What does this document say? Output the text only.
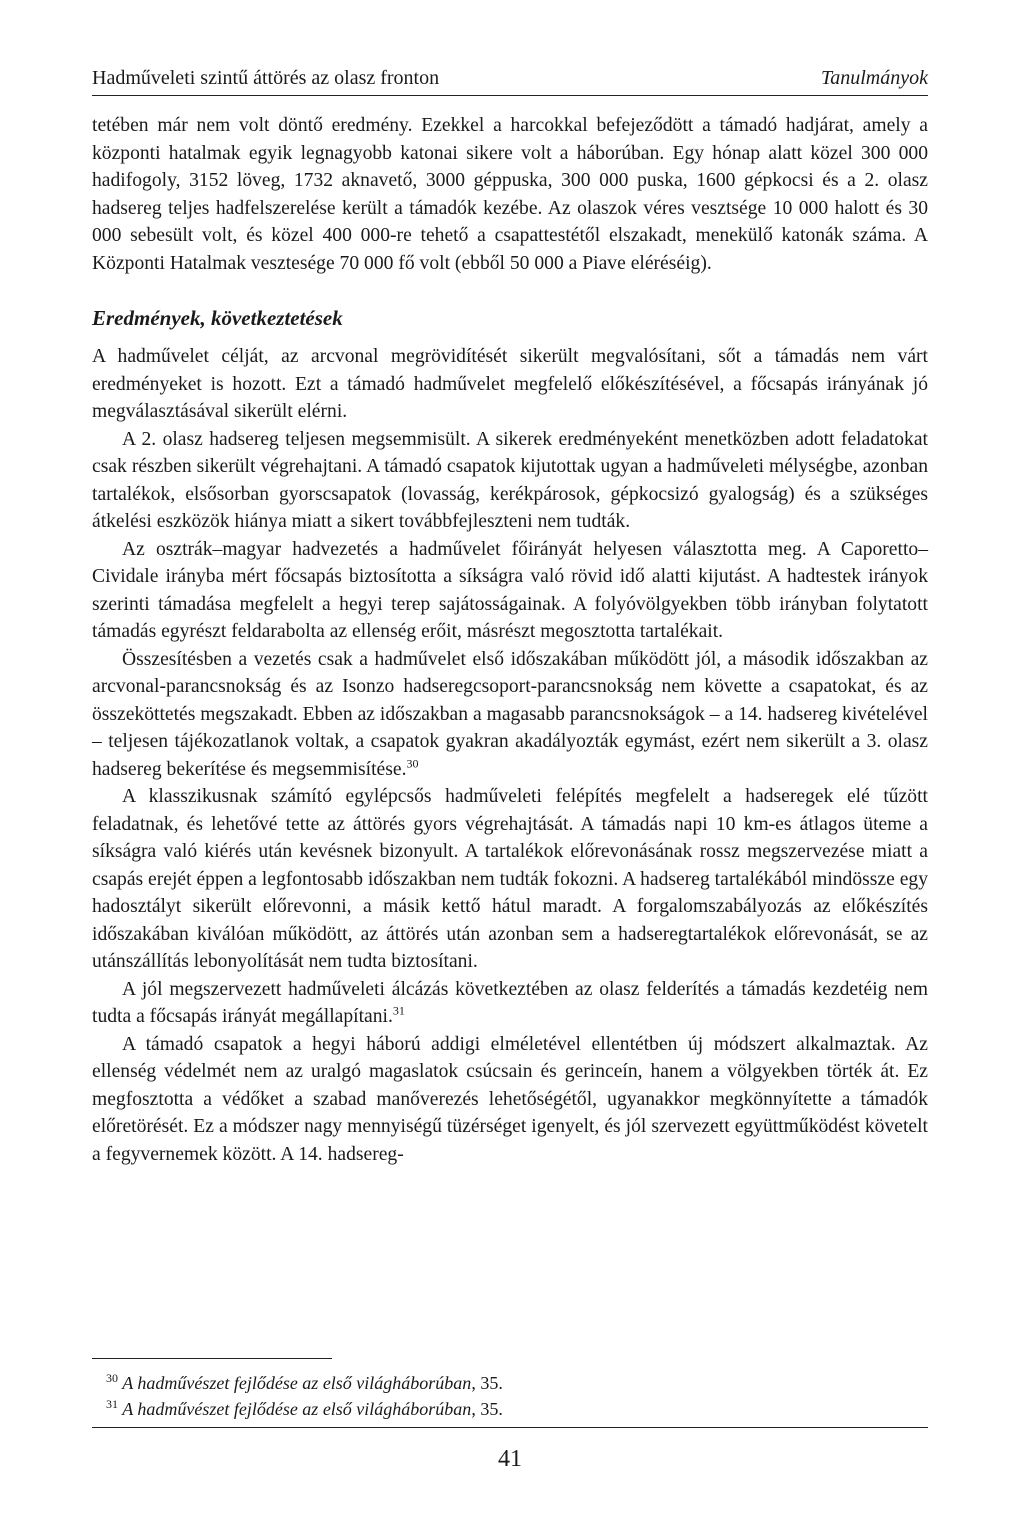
Hadműveleti szintű áttörés az olasz fronton	Tanulmányok

tetében már nem volt döntő eredmény. Ezekkel a harcokkal befejeződött a támadó hadjárat, amely a központi hatalmak egyik legnagyobb katonai sikere volt a háborúban. Egy hónap alatt közel 300 000 hadifogoly, 3152 löveg, 1732 aknavető, 3000 géppuska, 300 000 puska, 1600 gépkocsi és a 2. olasz hadsereg teljes hadfelszerelése került a támadók kezébe. Az olaszok véres vesztsége 10 000 halott és 30 000 sebesült volt, és közel 400 000-re tehető a csapattestétől elszakadt, menekülő katonák száma. A Központi Hatalmak vesztesége 70 000 fő volt (ebből 50 000 a Piave eléréséig).

Eredmények, következtetések

A hadművelet célját, az arcvonal megrövidítését sikerült megvalósítani, sőt a támadás nem várt eredményeket is hozott. Ezt a támadó hadművelet megfelelő előkészítésével, a főcsapás irányának jó megválasztásával sikerült elérni.

A 2. olasz hadsereg teljesen megsemmisült. A sikerek eredményeként menetközben adott feladatokat csak részben sikerült végrehajtani. A támadó csapatok kijutottak ugyan a hadműveleti mélységbe, azonban tartalékok, elsősorban gyorscsapatok (lovasság, kerékpárosok, gépkocsizó gyalogság) és a szükséges átkelési eszközök hiánya miatt a sikert továbbfejleszteni nem tudták.

Az osztrák–magyar hadvezetés a hadművelet főirányát helyesen választotta meg. A Caporetto–Cividale irányba mért főcsapás biztosította a síkságra való rövid idő alatti kijutást. A hadtestek irányok szerinti támadása megfelelt a hegyi terep sajátosságainak. A folyóvölgyekben több irányban folytatott támadás egyrészt feldarabolta az ellenség erőit, másrészt megosztotta tartalékait.

Összesítésben a vezetés csak a hadművelet első időszakában működött jól, a második időszakban az arcvonal-parancsnokság és az Isonzo hadseregcsoport-parancsnokság nem követte a csapatokat, és az összeköttetés megszakadt. Ebben az időszakban a magasabb parancsnokságok – a 14. hadsereg kivételével – teljesen tájékozatlanok voltak, a csapatok gyakran akadályozták egymást, ezért nem sikerült a 3. olasz hadsereg bekerítése és megsemmisítése.$^{30}$

A klasszikusnak számító egylépcsős hadműveleti felépítés megfelelt a hadseregek elé tűzött feladatnak, és lehetővé tette az áttörés gyors végrehajtását. A támadás napi 10 km-es átlagos üteme a síkságra való kiérés után kevésnek bizonyult. A tartalékok előrevonásának rossz megszervezése miatt a csapás erejét éppen a legfontosabb időszakban nem tudták fokozni. A hadsereg tartalékából mindössze egy hadosztályt sikerült előrevonni, a másik kettő hátul maradt. A forgalomszabályozás az előkészítés időszakában kiválóan működött, az áttörés után azonban sem a hadseregtartalékok előrevonását, se az utánszállítás lebonyolítását nem tudta biztosítani.

A jól megszervezett hadműveleti álcázás következtében az olasz felderítés a támadás kezdetéig nem tudta a főcsapás irányát megállapítani.$^{31}$

A támadó csapatok a hegyi háború addigi elméletével ellentétben új módszert alkalmaztak. Az ellenség védelmét nem az uralgó magaslatok csúcsain és gerinceín, hanem a völgyekben törték át. Ez megfosztotta a védőket a szabad manőverezés lehetőségétől, ugyanakkor megkönnyítette a támadók előretörését. Ez a módszer nagy mennyiségű tüzérséget igenyelt, és jól szervezett együttműködést követelt a fegyvernemek között. A 14. hadsereg-

$^{30}$ A hadművészet fejlődése az első világháborúban, 35.
$^{31}$ A hadművészet fejlődése az első világháborúban, 35.
41
